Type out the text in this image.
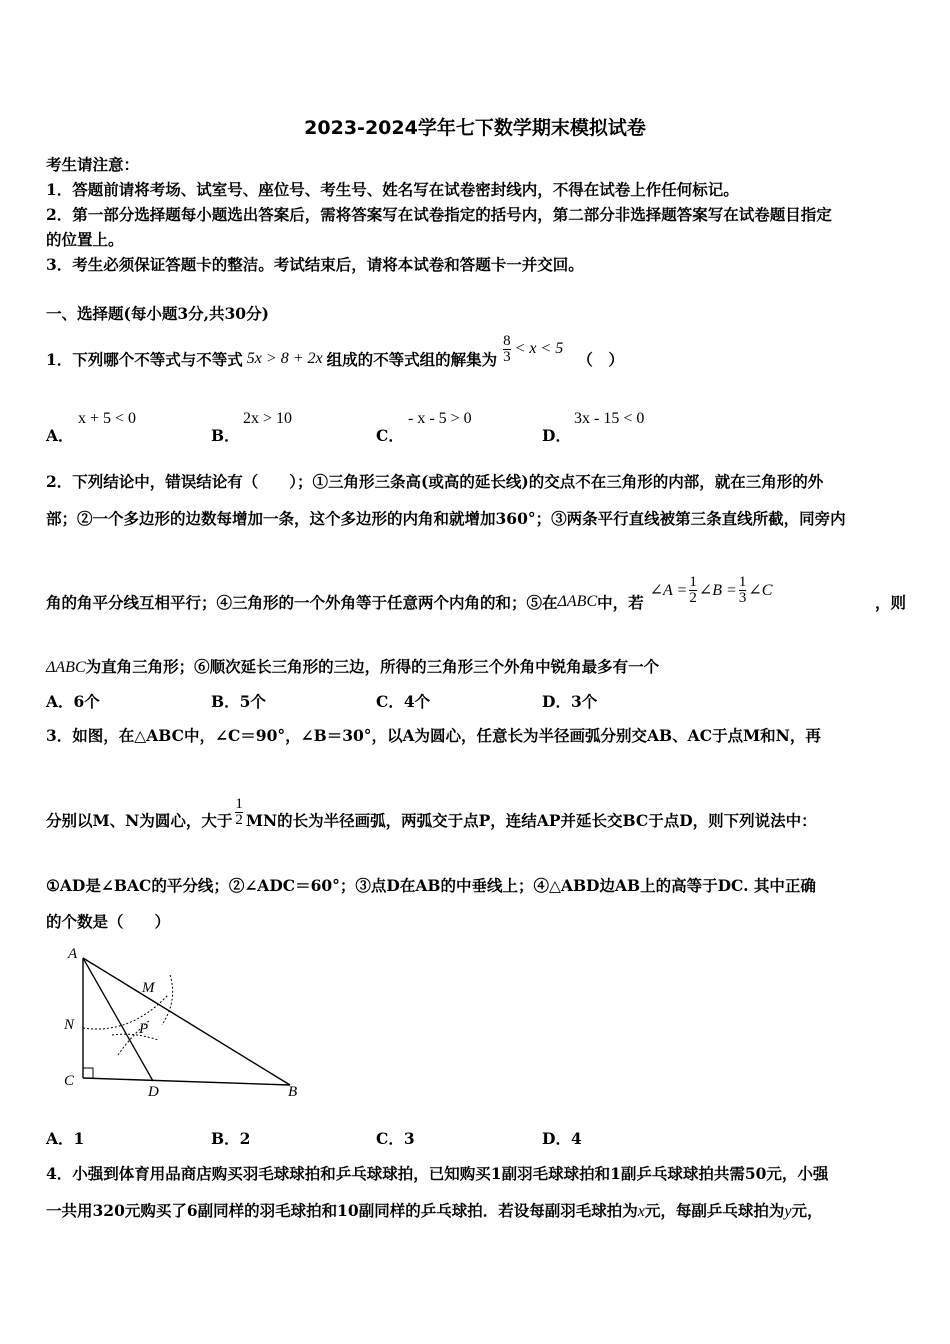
2023-2024学年七下数学期末模拟试卷
考生请注意：
1．答题前请将考场、试室号、座位号、考生号、姓名写在试卷密封线内，不得在试卷上作任何标记。
2．第一部分选择题每小题选出答案后，需将答案写在试卷指定的括号内，第二部分非选择题答案写在试卷题目指定
的位置上。
3．考生必须保证答题卡的整洁。考试结束后，请将本试卷和答题卡一并交回。
一、选择题(每小题3分,共30分)
1．下列哪个不等式与不等式 5x > 8 + 2x 组成的不等式组的解集为 $\frac{8}{3} < x < 5$
（　）
A．
x + 5 < 0
B．
2x > 10
C．
- x - 5 > 0
D．
3x - 15 < 0
2．下列结论中，错误结论有（　　）；①三角形三条高(或高的延长线)的交点不在三角形的内部，就在三角形的外
部；②一个多边形的边数每增加一条，这个多边形的内角和就增加360°；③两条平行直线被第三条直线所截，同旁内
角的角平分线互相平行；④三角形的一个外角等于任意两个内角的和；⑤在 ΔABC 中，若
∠A = $\frac{1}{2}$ ∠B = $\frac{1}{3}$ ∠C
，则
ΔABC为直角三角形；⑥顺次延长三角形的三边，所得的三角形三个外角中锐角最多有一个
A．6个	B．5个	C．4个	D．3个
3．如图，在△ABC中，∠C＝90°，∠B＝30°，以A为圆心，任意长为半径画弧分别交AB、AC于点M和N，再
分别以M、N为圆心，大于 $\frac{1}{2}$ MN的长为半径画弧，两弧交于点P，连结AP并延长交BC于点D，则下列说法中：
①AD是∠BAC的平分线；②∠ADC＝60°；③点D在AB的中垂线上；④△ABD边AB上的高等于DC. 其中正确
的个数是（　　）
A
M
N	P
C
D	B
A．1	B．2	C．3	D．4
4．小强到体育用品商店购买羽毛球球拍和乒乓球球拍，已知购买1副羽毛球球拍和1副乒乓球球拍共需50元，小强
一共用320元购买了6副同样的羽毛球拍和10副同样的乒乓球拍．若设每副羽毛球拍为x元，每副乒乓球拍为y元，
